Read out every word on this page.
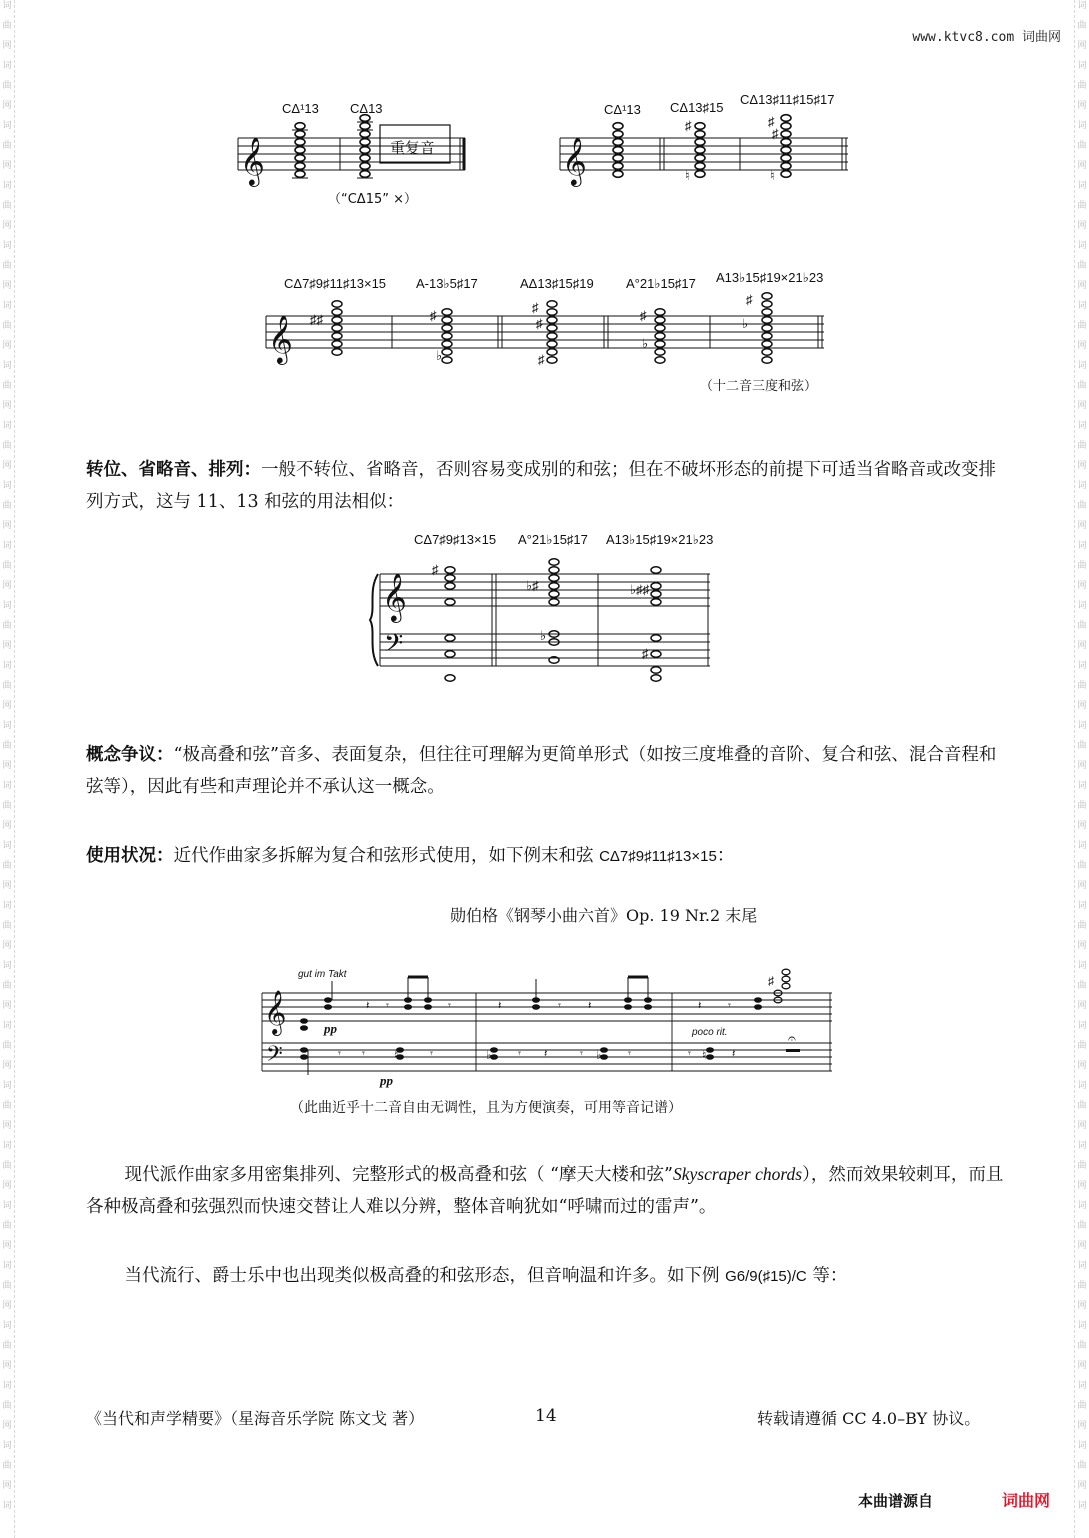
词
曲
网
词
曲
网
词
曲
网
词
曲
网
词
曲
网
词
曲
网
词
曲
网
词
曲
网
词
曲
网
词
曲
网
词
曲
网
词
曲
网
词
曲
网
词
曲
网
词
曲
网
词
曲
网
词
曲
网
词
曲
网
词
曲
网
词
曲
网
词
曲
网
词
曲
网
词
曲
网
词
曲
网
词
曲
网
词
词
曲
网
词
曲
网
词
曲
网
词
曲
网
词
曲
网
词
曲
网
词
曲
网
词
曲
网
词
曲
网
词
曲
网
词
曲
网
词
曲
网
词
曲
网
词
曲
网
词
曲
网
词
曲
网
词
曲
网
词
曲
网
词
曲
网
词
曲
网
词
曲
网
词
曲
网
词
曲
网
词
曲
网
词
曲
网
词
www.ktvc8.com 词曲网
𝄞
CΔ¹13 CΔ13
重复音
（“CΔ15” ×）
𝄞
♯
♮
♯
♯
♮
CΔ¹13 CΔ13♯15
CΔ13♯11♯15♯17
𝄞 ♯♯	♯
♭
♯
♯
♯
♯
♭
♯
♭
CΔ7♯9♯11♯13×15 A-13♭5♯17	AΔ13♯15♯19 A°21♭15♯17 A13♭15♯19×21♭23
（十二音三度和弦）
转位、省略音、排列：一般不转位、省略音，否则容易变成别的和弦；但在不破坏形态的前提下可适当省略音或改变排列方式，这与 11、13 和弦的用法相似：
𝄞
𝄢
♯
♭♯
♭
♭♯♯
♯
CΔ7♯9♯13×15 A°21♭15♯17 A13♭15♯19×21♭23
概念争议：“极高叠和弦”音多、表面复杂，但往往可理解为更简单形式（如按三度堆叠的音阶、复合和弦、混合音程和弦等），因此有些和声理论并不承认这一概念。
使用状况：近代作曲家多拆解为复合和弦形式使用，如下例末和弦 CΔ7♯9♯11♯13×15：
勋伯格《钢琴小曲六首》Op. 19 Nr.2 末尾
𝄞
𝄢
𝄽 𝄾	𝄾	𝄽	𝄾 𝄽	𝄽 𝄾
𝄾 𝄾	𝄾	𝄾 𝄽	𝄾	𝄾	𝄾	𝄽
♮	♭	♭	♮
♯
𝄐
gut im Takt
pp
pp
poco rit.
（此曲近乎十二音自由无调性，且为方便演奏，可用等音记谱）
现代派作曲家多用密集排列、完整形式的极高叠和弦（ “摩天大楼和弦”Skyscraper chords），然而效果较刺耳，而且各种极高叠和弦强烈而快速交替让人难以分辨，整体音响犹如“呼啸而过的雷声”。
当代流行、爵士乐中也出现类似极高叠的和弦形态，但音响温和许多。如下例 G6/9(♯15)/C 等：
《当代和声学精要》（星海音乐学院 陈文戈 著）	14	转载请遵循 CC 4.0–BY 协议。
本曲谱源自	词曲网
